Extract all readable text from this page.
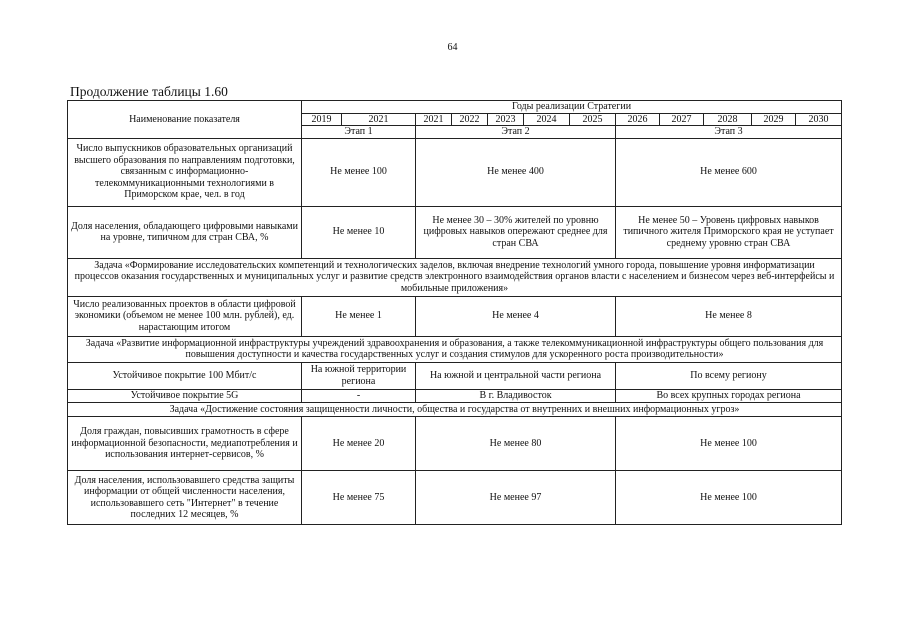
64
Продолжение таблицы 1.60
Наименование показателя	Годы реализации Стратегии											
	2019	2021	2021	2022	2023	2024	2025	2026	2027	2028	2029	2030
	Этап 1		Этап 2					Этап 3				
Число выпускников образовательных организаций высшего образования по направлениям подготовки, связанным с информационно- телекоммуникационными технологиями в Приморском крае, чел. в год	Не менее 100		Не менее 400					Не менее 600				
Доля населения, обладающего цифровыми навыками на уровне, типичном для стран СВА, %	Не менее 10		Не менее 30 – 30% жителей по уровню цифровых навыков опережают среднее для стран СВА					Не менее 50 – Уровень цифровых навыков типичного жителя Приморского края не уступает среднему уровню стран СВА				
Задача «Формирование исследовательских компетенций и технологических заделов, включая внедрение технологий умного города, повышение уровня информатизации процессов оказания государственных и муниципальных услуг и развитие средств электронного взаимодействия органов власти с населением и бизнесом через веб-интерфейсы и мобильные приложения»												
Число реализованных проектов в области цифровой экономики (объемом не менее 100 млн. рублей), ед. нарастающим итогом	Не менее 1		Не менее 4					Не менее 8				
Задача «Развитие информационной инфраструктуры учреждений здравоохранения и образования, а также телекоммуникационной инфраструктуры общего пользования для повышения доступности и качества государственных услуг и создания стимулов для ускоренного роста производительности»												
Устойчивое покрытие 100 Мбит/с	На южной территории региона		На южной и центральной части региона					По всему региону				
Устойчивое покрытие 5G	-		В г. Владивосток					Во всех крупных городах региона				
Задача «Достижение состояния защищенности личности, общества и государства от внутренних и внешних информационных угроз»												
Доля граждан, повысивших грамотность в сфере информационной безопасности, медиапотребления и использования интернет-сервисов, %	Не менее 20		Не менее 80					Не менее 100				
Доля населения, использовавшего средства защиты информации от общей численности населения, использовавшего сеть "Интернет" в течение последних 12 месяцев, %	Не менее 75		Не менее 97					Не менее 100				
